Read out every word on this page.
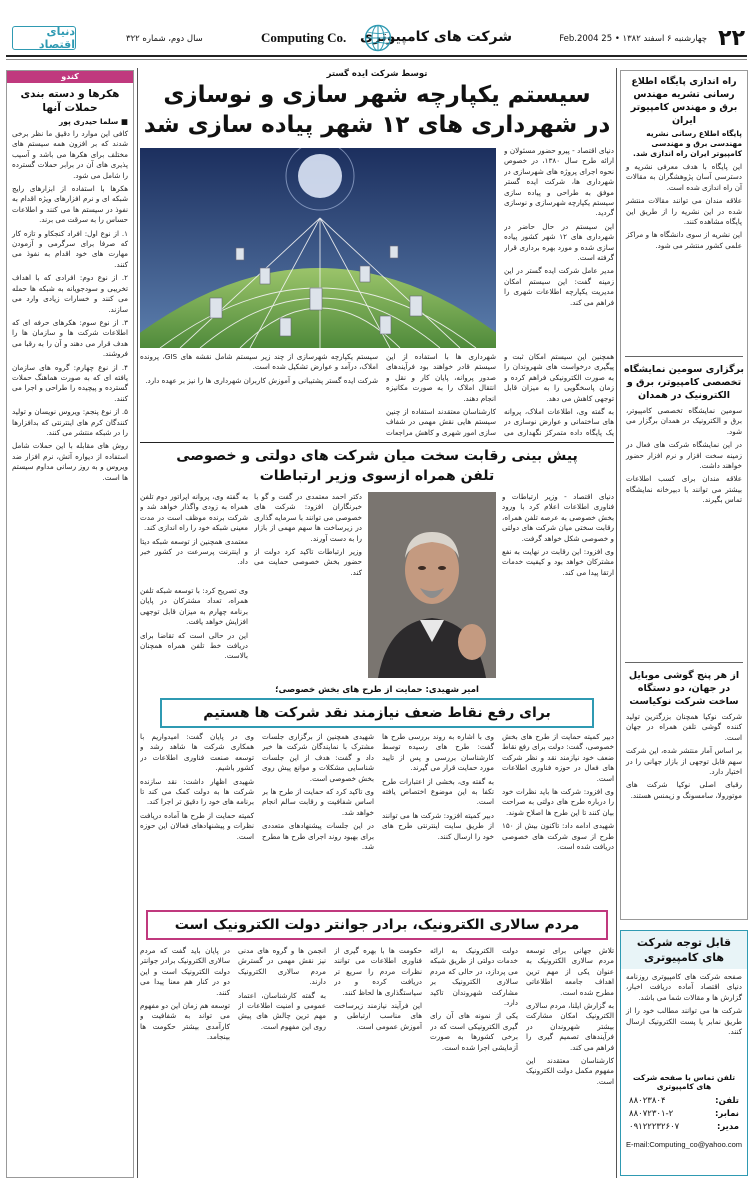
۲۲
چهارشنبه ۶ اسفند ۱۳۸۲ • 25 Feb.2004
شرکت های کامپیوتری
Computing Co.
سال دوم، شماره ۳۲۲
دنیای اقتصاد
کندو
هکرها و دسته بندی حملات آنها
■ سلما حیدری پور

کافی این موارد را دقیق ما نظر برخی شدند که بر افزون همه سیستم های مختلف برای هکرها می باشد و آسیب پذیری های آن در برابر حملات گسترده را شامل می شود.

هکرها با استفاده از ابزارهای رایج شبکه ای و نرم افزارهای ویژه اقدام به نفوذ در سیستم ها می کنند و اطلاعات حساس را به سرقت می برند.

۱. از نوع اول: افراد کنجکاو و تازه کار که صرفا برای سرگرمی و آزمودن مهارت های خود اقدام به نفوذ می کنند.

۲. از نوع دوم: افرادی که با اهداف تخریبی و سودجویانه به شبکه ها حمله می کنند و خسارات زیادی وارد می سازند.

۳. از نوع سوم: هکرهای حرفه ای که اطلاعات شرکت ها و سازمان ها را هدف قرار می دهند و آن را به رقبا می فروشند.

۴. از نوع چهارم: گروه های سازمان یافته ای که به صورت هماهنگ حملات گسترده و پیچیده را طراحی و اجرا می کنند.

۵. از نوع پنجم: ویروس نویسان و تولید کنندگان کرم های اینترنتی که بدافزارها را در شبکه منتشر می کنند.

روش های مقابله با این حملات شامل استفاده از دیواره آتش، نرم افزار ضد ویروس و به روز رسانی مداوم سیستم ها است.

راه اندازی پایگاه اطلاع رسانی تشریه مهندس برق و مهندس کامپیوتر ایران
پایگاه اطلاع رسانی نشریه مهندسی برق و مهندسی کامپیوتر ایران راه اندازی شد.

این پایگاه با هدف معرفی نشریه و دسترسی آسان پژوهشگران به مقالات آن راه اندازی شده است.

علاقه مندان می توانند مقالات منتشر شده در این نشریه را از طریق این پایگاه مشاهده کنند.

این نشریه از سوی دانشگاه ها و مراکز علمی کشور منتشر می شود.

برگزاری سومین نمایشگاه تخصصی کامپیوتر، برق و الکترونیک در همدان

سومین نمایشگاه تخصصی کامپیوتر، برق و الکترونیک در همدان برگزار می شود.

در این نمایشگاه شرکت های فعال در زمینه سخت افزار و نرم افزار حضور خواهند داشت.

علاقه مندان برای کسب اطلاعات بیشتر می توانند با دبیرخانه نمایشگاه تماس بگیرند.

از هر پنج گوشی موبایل در جهان، دو دستگاه ساخت شرکت نوکیاست

شرکت نوکیا همچنان بزرگترین تولید کننده گوشی تلفن همراه در جهان است.

بر اساس آمار منتشر شده، این شرکت سهم قابل توجهی از بازار جهانی را در اختیار دارد.

رقبای اصلی نوکیا شرکت های موتورولا، سامسونگ و زیمنس هستند.

قابل توجه شرکت های کامپیوتری

صفحه شرکت های کامپیوتری روزنامه دنیای اقتصاد آماده دریافت اخبار، گزارش ها و مقالات شما می باشد.

شرکت ها می توانند مطالب خود را از طریق نمابر یا پست الکترونیک ارسال کنند.

تلفن تماس با صفحه شرکت های کامپیوتری
تلفن:
۸۸۰۲۳۸۰۴
نمابر:
۸۸۰۷۲۳۰۱-۲
مدیر:
۰۹۱۲۲۲۳۲۶۰۷
E-mail:Computing_co@yahoo.com
توسط شرکت ایده گستر
سیستم یکپارچه شهر سازی و نوسازی
در شهرداری های ۱۲ شهر پیاده سازی شد

دنیای اقتصاد - پیرو حضور مسئولان و ارائه طرح سال ۱۳۸۰، در خصوص نحوه اجرای پروژه های شهرسازی در شهرداری ها، شرکت ایده گستر موفق به طراحی و پیاده سازی سیستم یکپارچه شهرسازی و نوسازی گردید.

این سیستم در حال حاضر در شهرداری های ۱۲ شهر کشور پیاده سازی شده و مورد بهره برداری قرار گرفته است.

مدیر عامل شرکت ایده گستر در این زمینه گفت: این سیستم امکان مدیریت یکپارچه اطلاعات شهری را فراهم می کند.

همچنین این سیستم امکان ثبت و پیگیری درخواست های شهروندان را به صورت الکترونیکی فراهم کرده و زمان پاسخگویی را به میزان قابل توجهی کاهش می دهد.

به گفته وی، اطلاعات املاک، پروانه های ساختمانی و عوارض نوسازی در یک پایگاه داده متمرکز نگهداری می

شهرداری ها با استفاده از این سیستم قادر خواهند بود فرآیندهای صدور پروانه، پایان کار و نقل و انتقال املاک را به صورت مکانیزه انجام دهند.

کارشناسان معتقدند استفاده از چنین سیستم هایی نقش مهمی در شفاف سازی امور شهری و کاهش مراجعات

سیستم یکپارچه شهرسازی از چند زیر سیستم شامل نقشه های GIS، پرونده املاک، درآمد و عوارض تشکیل شده است.

شرکت ایده گستر پشتیبانی و آموزش کاربران شهرداری ها را نیز بر عهده دارد.

پیش بینی رقابت سخت میان شرکت های دولتی و خصوصی
تلفن همراه ازسوی وزیر ارتباطات

دنیای اقتصاد - وزیر ارتباطات و فناوری اطلاعات اعلام کرد با ورود بخش خصوصی به عرصه تلفن همراه، رقابت سختی میان شرکت های دولتی و خصوصی شکل خواهد گرفت.

وی افزود: این رقابت در نهایت به نفع مشترکان خواهد بود و کیفیت خدمات ارتقا پیدا می کند.

دکتر احمد معتمدی در گفت و گو با خبرنگاران افزود: شرکت های خصوصی می توانند با سرمایه گذاری در زیرساخت ها سهم مهمی از بازار را به دست آورند.

وزیر ارتباطات تاکید کرد دولت از حضور بخش خصوصی حمایت می کند.

به گفته وی، پروانه اپراتور دوم تلفن همراه به زودی واگذار خواهد شد و شرکت برنده موظف است در مدت معینی شبکه خود را راه اندازی کند.

معتمدی همچنین از توسعه شبکه دیتا و اینترنت پرسرعت در کشور خبر داد.

وی تصریح کرد: با توسعه شبکه تلفن همراه، تعداد مشترکان در پایان برنامه چهارم به میزان قابل توجهی افزایش خواهد یافت.

این در حالی است که تقاضا برای دریافت خط تلفن همراه همچنان بالاست.

امیر شهیدی: حمایت از طرح های بخش خصوصی؛
برای رفع نقاط ضعف نیازمند نقد شرکت ها هستیم

دبیر کمیته حمایت از طرح های بخش خصوصی، گفت: دولت برای رفع نقاط ضعف خود نیازمند نقد و نظر شرکت های فعال در حوزه فناوری اطلاعات است.

وی افزود: شرکت ها باید نظرات خود را درباره طرح های دولتی به صراحت بیان کنند تا این طرح ها اصلاح شوند.

شهیدی ادامه داد: تاکنون بیش از ۱۵۰ طرح از سوی شرکت های خصوصی دریافت شده است.

وی با اشاره به روند بررسی طرح ها گفت: طرح های رسیده توسط کارشناسان بررسی و پس از تایید مورد حمایت قرار می گیرند.

به گفته وی، بخشی از اعتبارات طرح تکفا به این موضوع اختصاص یافته است.

دبیر کمیته افزود: شرکت ها می توانند از طریق سایت اینترنتی طرح های خود را ارسال کنند.

شهیدی همچنین از برگزاری جلسات مشترک با نمایندگان شرکت ها خبر داد و گفت: هدف از این جلسات شناسایی مشکلات و موانع پیش روی بخش خصوصی است.

وی تاکید کرد که حمایت از طرح ها بر اساس شفافیت و رقابت سالم انجام خواهد شد.

در این جلسات پیشنهادهای متعددی برای بهبود روند اجرای طرح ها مطرح شد.

وی در پایان گفت: امیدواریم با همکاری شرکت ها شاهد رشد و توسعه صنعت فناوری اطلاعات در کشور باشیم.

شهیدی اظهار داشت: نقد سازنده شرکت ها به دولت کمک می کند تا برنامه های خود را دقیق تر اجرا کند.

کمیته حمایت از طرح ها آماده دریافت نظرات و پیشنهادهای فعالان این حوزه است.

مردم سالاری الکترونیک، برادر جوانتر دولت الکترونیک است

تلاش جهانی برای توسعه مردم سالاری الکترونیک به عنوان یکی از مهم ترین اهداف جامعه اطلاعاتی مطرح شده است.

به گزارش ایلنا، مردم سالاری الکترونیک امکان مشارکت بیشتر شهروندان در فرآیندهای تصمیم گیری را فراهم می کند.

کارشناسان معتقدند این مفهوم مکمل دولت الکترونیک است.

دولت الکترونیک به ارائه خدمات دولتی از طریق شبکه می پردازد، در حالی که مردم سالاری الکترونیک بر مشارکت شهروندان تاکید دارد.

یکی از نمونه های آن رای گیری الکترونیکی است که در برخی کشورها به صورت آزمایشی اجرا شده است.

حکومت ها با بهره گیری از فناوری اطلاعات می توانند نظرات مردم را سریع تر دریافت کرده و در سیاستگذاری ها لحاظ کنند.

این فرآیند نیازمند زیرساخت های مناسب ارتباطی و آموزش عمومی است.

انجمن ها و گروه های مدنی نیز نقش مهمی در گسترش مردم سالاری الکترونیک دارند.

به گفته کارشناسان، اعتماد عمومی و امنیت اطلاعات از مهم ترین چالش های پیش روی این مفهوم است.

در پایان باید گفت که مردم سالاری الکترونیک برادر جوانتر دولت الکترونیک است و این دو در کنار هم معنا پیدا می کنند.

توسعه هم زمان این دو مفهوم می تواند به شفافیت و کارآمدی بیشتر حکومت ها بینجامد.
